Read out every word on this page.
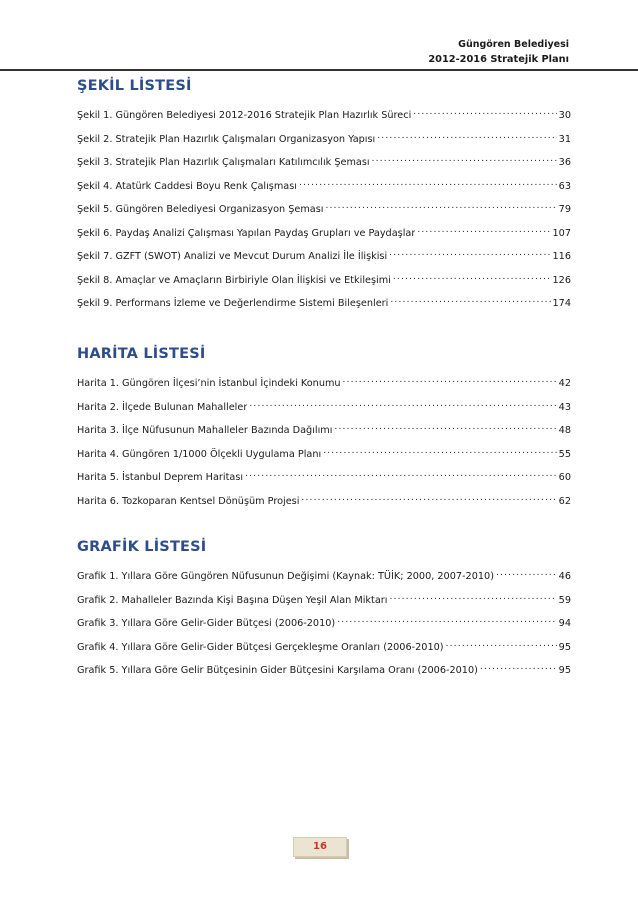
Güngören Belediyesi
2012-2016 Stratejik Planı
ŞEKİL LİSTESİ
Şekil 1. Güngören Belediyesi 2012-2016 Stratejik Plan Hazırlık Süreci .....	30
Şekil 2. Stratejik Plan Hazırlık Çalışmaları Organizasyon Yapısı .....	31
Şekil 3. Stratejik Plan Hazırlık Çalışmaları Katılımcılık Şeması .....	36
Şekil 4. Atatürk Caddesi Boyu Renk Çalışması .....	63
Şekil 5. Güngören Belediyesi Organizasyon Şeması .....	79
Şekil 6. Paydaş Analizi Çalışması Yapılan Paydaş Grupları ve Paydaşlar .....	107
Şekil 7. GZFT (SWOT) Analizi ve Mevcut Durum Analizi İle İlişkisi .....	116
Şekil 8. Amaçlar ve Amaçların Birbiriyle Olan İlişkisi ve Etkileşimi .....	126
Şekil 9. Performans İzleme ve Değerlendirme Sistemi Bileşenleri .....	174
HARİTA LİSTESİ
Harita 1. Güngören İlçesi’nin İstanbul İçindeki Konumu .....	42
Harita 2. İlçede Bulunan Mahalleler .....	43
Harita 3. İlçe Nüfusunun Mahalleler Bazında Dağılımı .....	48
Harita 4. Güngören 1/1000 Ölçekli Uygulama Planı .....	55
Harita 5. İstanbul Deprem Haritası .....	60
Harita 6. Tozkoparan Kentsel Dönüşüm Projesi .....	62
GRAFİK LİSTESİ
Grafik 1. Yıllara Göre Güngören Nüfusunun Değişimi (Kaynak: TÜİK; 2000, 2007-2010) .....	46
Grafik 2. Mahalleler Bazında Kişi Başına Düşen Yeşil Alan Miktarı .....	59
Grafik 3. Yıllara Göre Gelir-Gider Bütçesi (2006-2010) .....	94
Grafik 4. Yıllara Göre Gelir-Gider Bütçesi Gerçekleşme Oranları (2006-2010) .....	95
Grafik 5. Yıllara Göre Gelir Bütçesinin Gider Bütçesini Karşılama Oranı (2006-2010) .....	95
16
